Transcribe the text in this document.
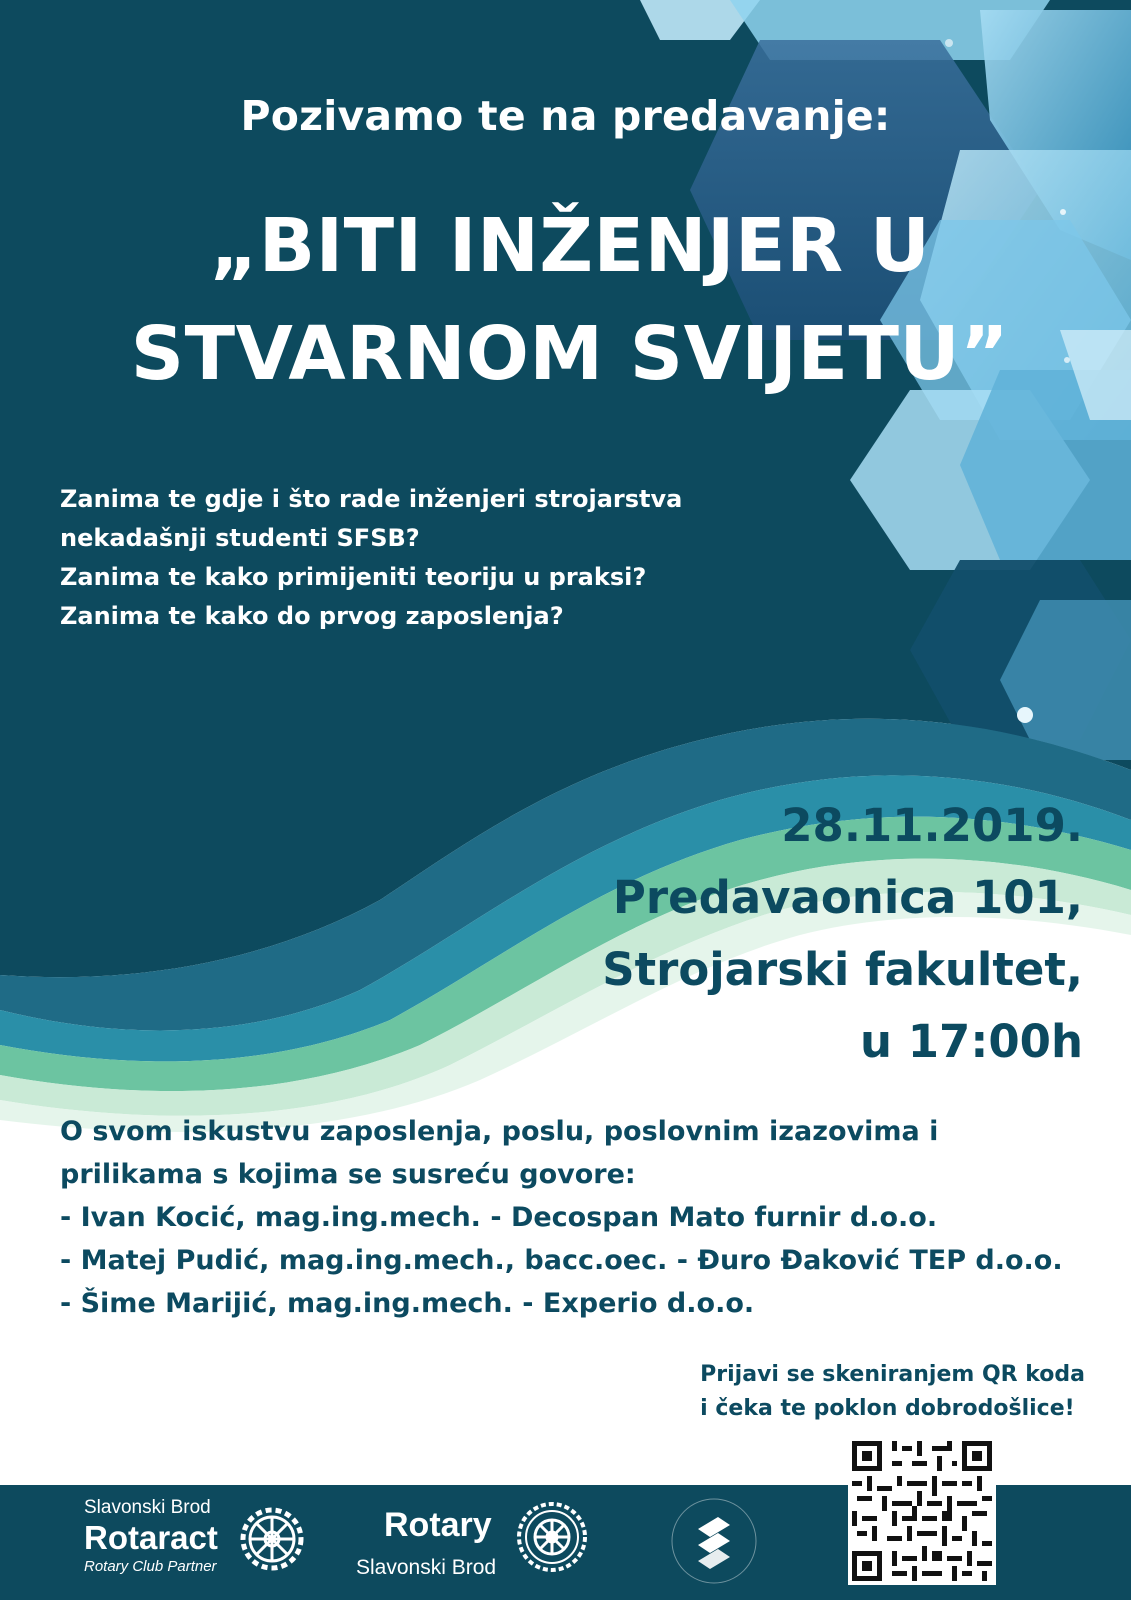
Pozivamo te na predavanje:
„BITI INŽENJER U
STVARNOM SVIJETU”
Zanima te gdje i što rade inženjeri strojarstva
nekadašnji studenti SFSB?
Zanima te kako primijeniti teoriju u praksi?
Zanima te kako do prvog zaposlenja?
28.11.2019.
Predavaonica 101,
Strojarski fakultet,
u 17:00h
O svom iskustvu zaposlenja, poslu, poslovnim izazovima i
prilikama s kojima se susreću govore:
- Ivan Kocić, mag.ing.mech. - Decospan Mato furnir d.o.o.
- Matej Pudić, mag.ing.mech., bacc.oec. - Đuro Đaković TEP d.o.o.
- Šime Marijić, mag.ing.mech. - Experio d.o.o.
Prijavi se skeniranjem QR koda
i čeka te poklon dobrodošlice!
Slavonski Brod
Rotaract
Rotary Club Partner
Rotary
Slavonski Brod
